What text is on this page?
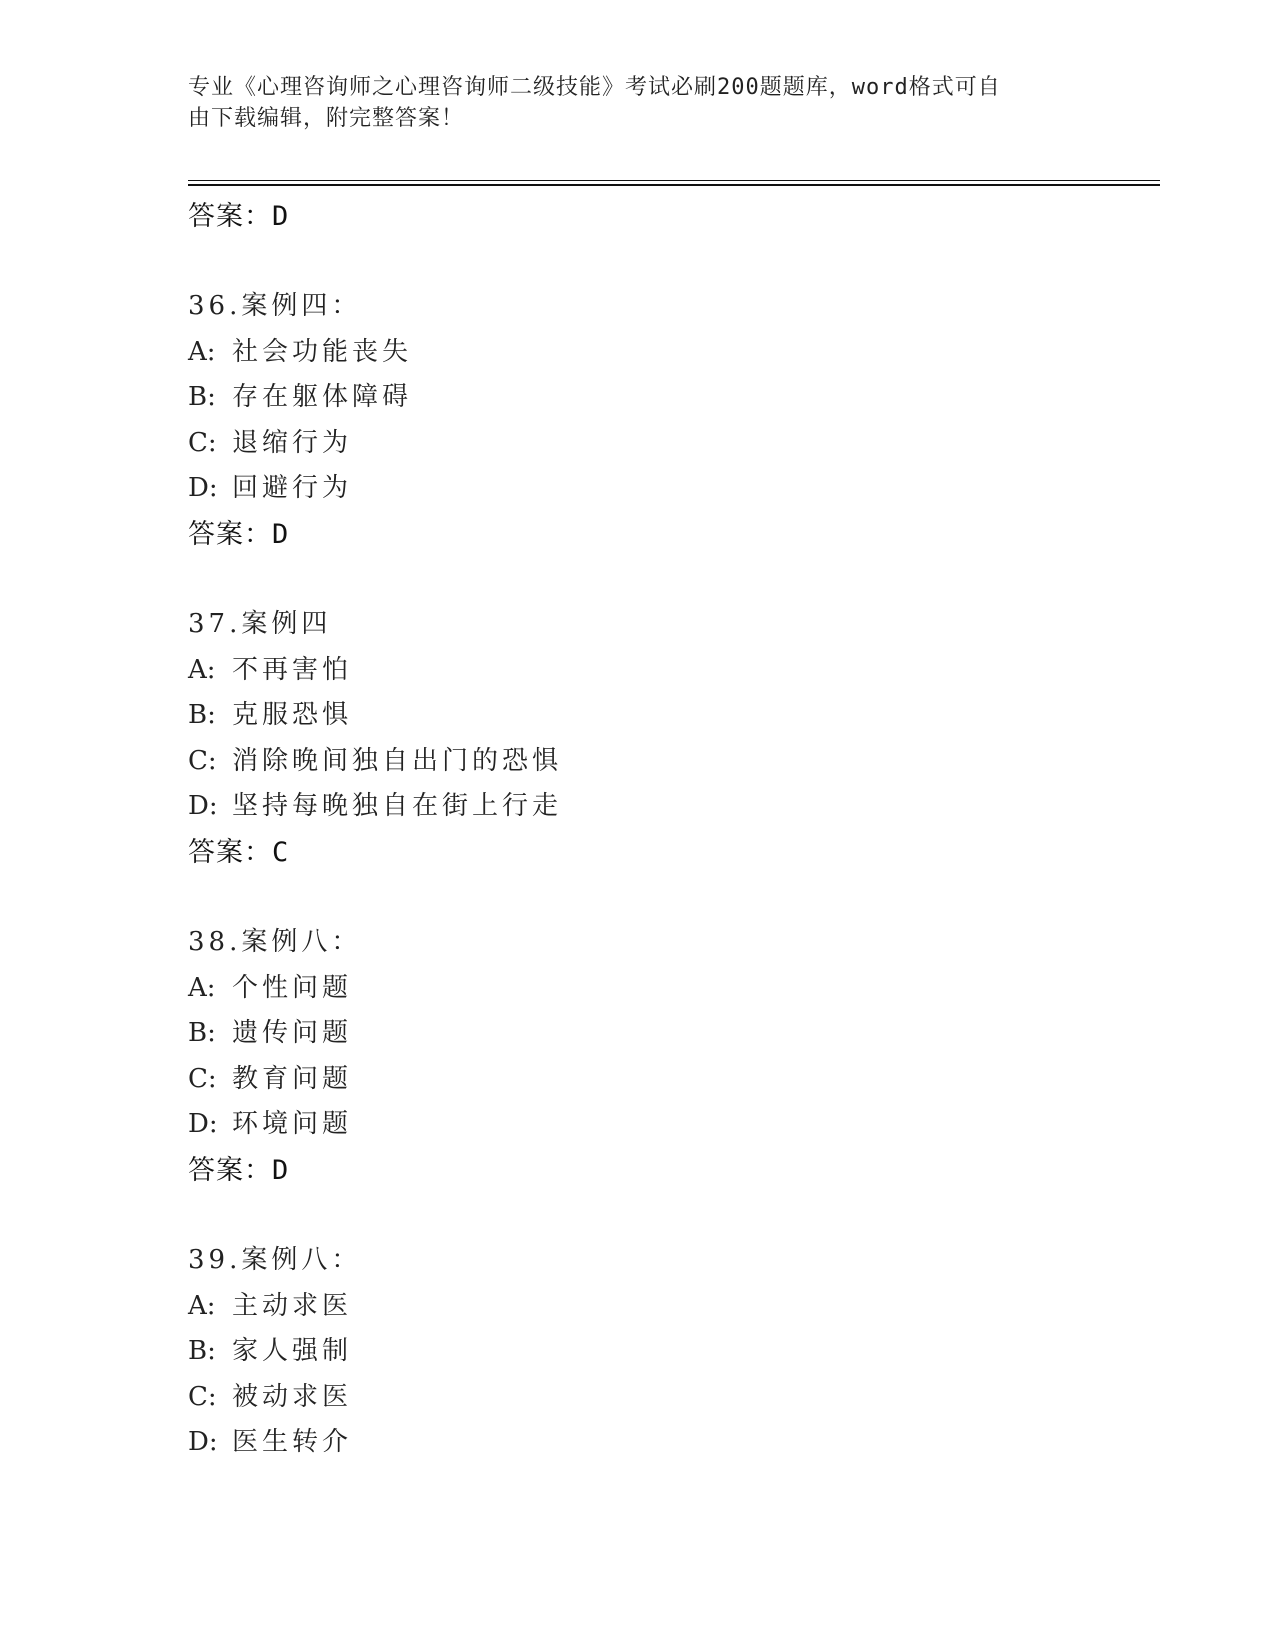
专业《心理咨询师之心理咨询师二级技能》考试必刷200题题库，word格式可自
由下载编辑，附完整答案！
答案：D
36.案例四：
A: 社会功能丧失
B: 存在躯体障碍
C: 退缩行为
D: 回避行为
答案：D
37.案例四
A: 不再害怕
B: 克服恐惧
C: 消除晚间独自出门的恐惧
D: 坚持每晚独自在街上行走
答案：C
38.案例八：
A: 个性问题
B: 遗传问题
C: 教育问题
D: 环境问题
答案：D
39.案例八：
A: 主动求医
B: 家人强制
C: 被动求医
D: 医生转介
